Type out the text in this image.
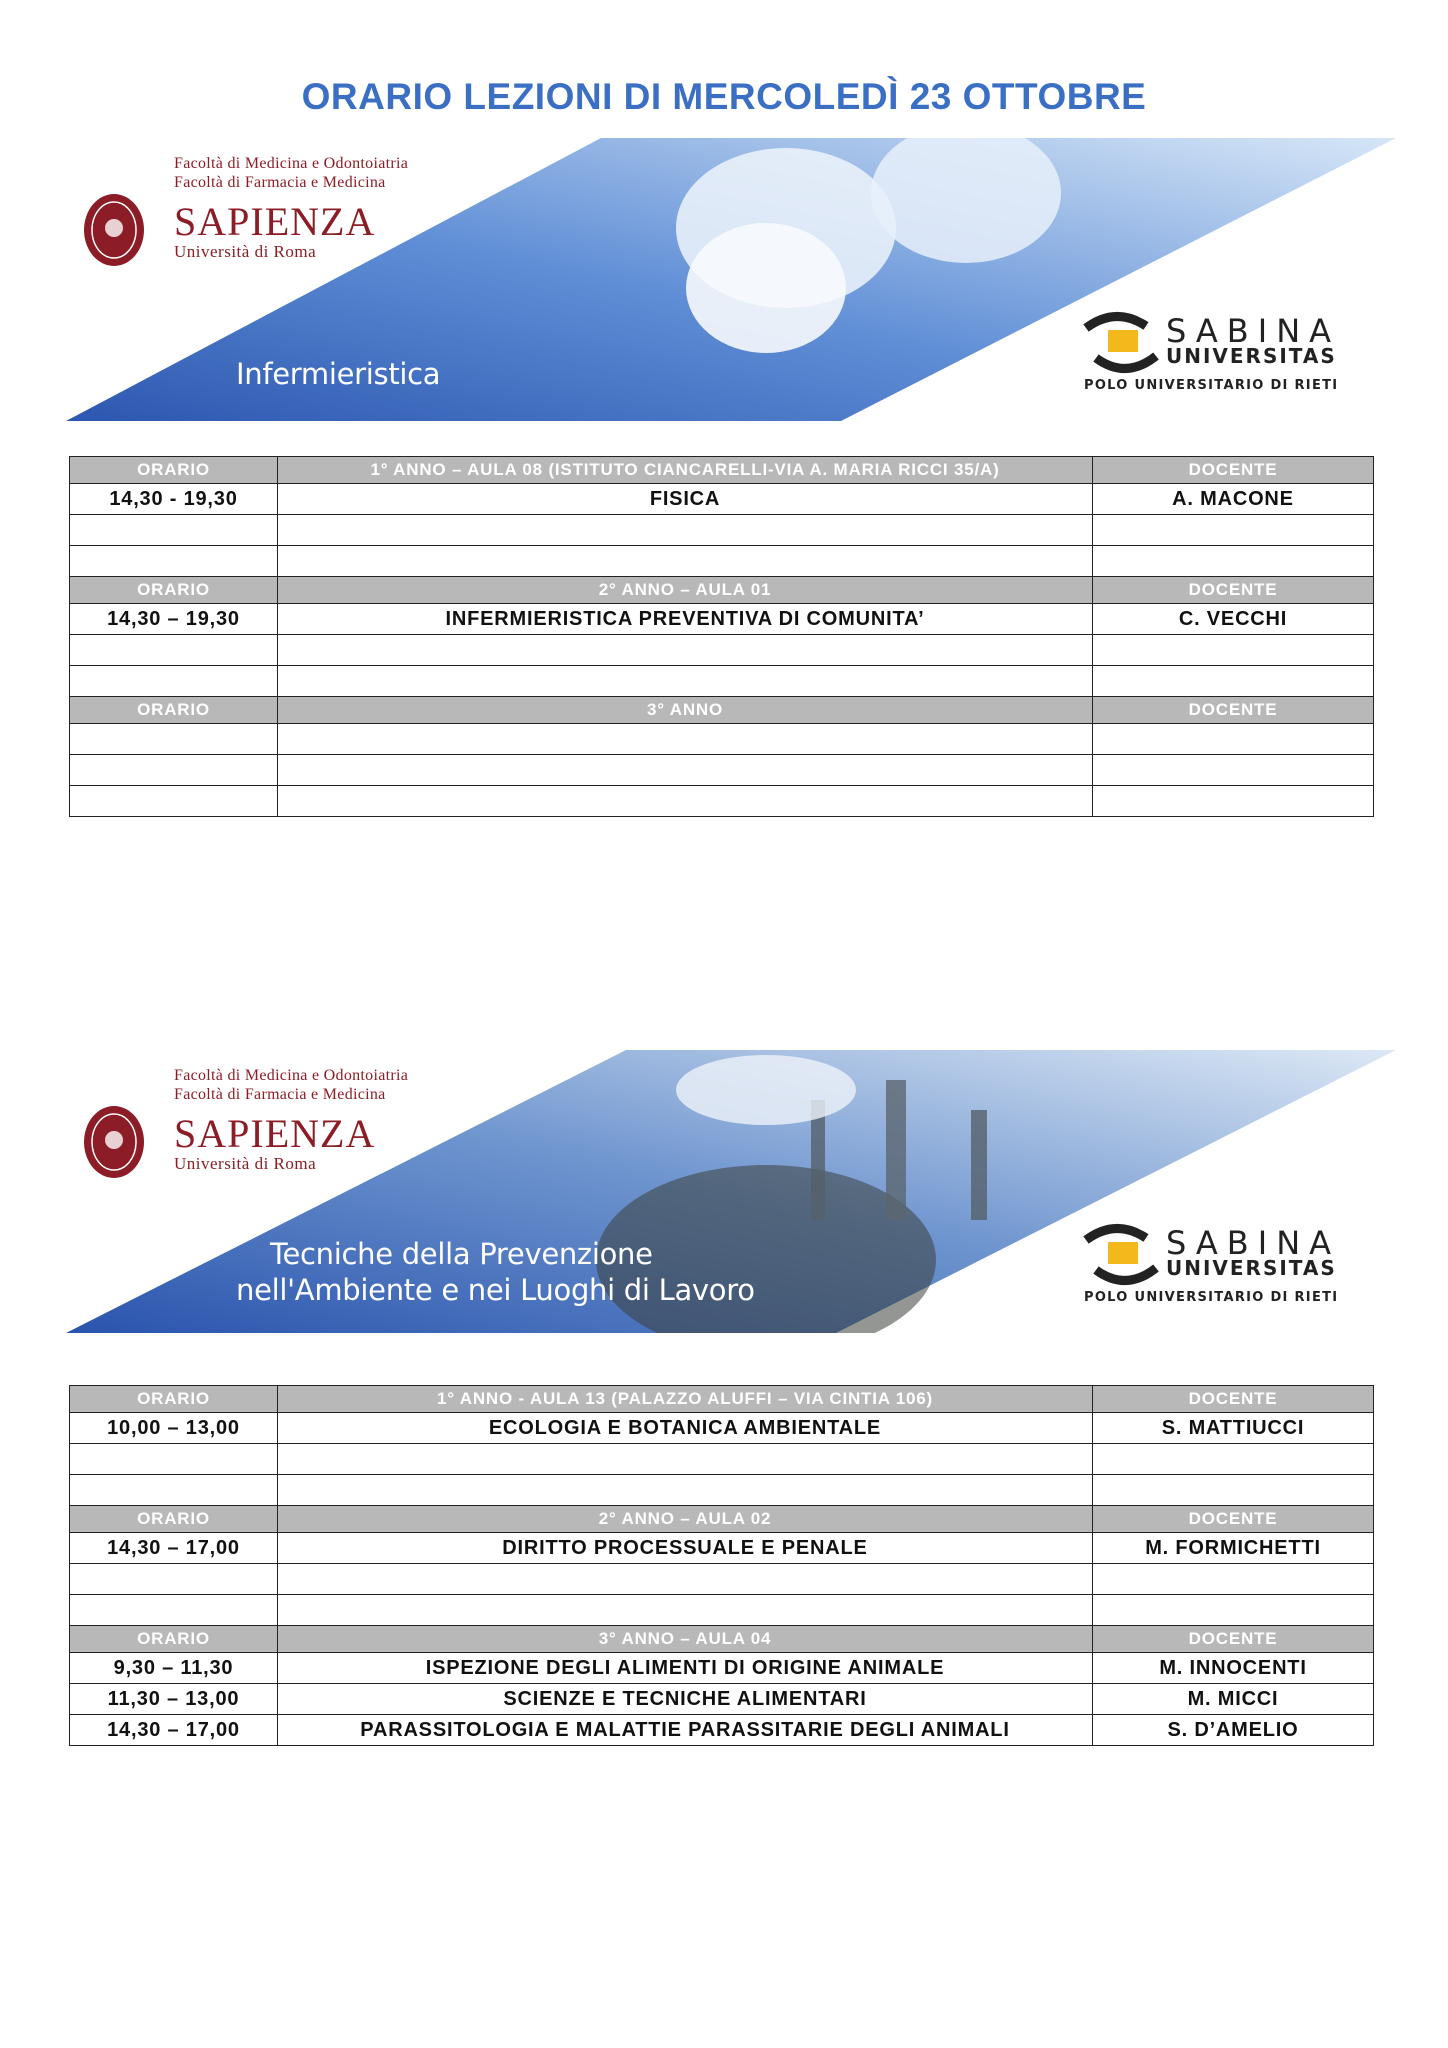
ORARIO LEZIONI DI MERCOLEDÌ 23 OTTOBRE
Facoltà di Medicina e Odontoiatria
Facoltà di Farmacia e Medicina
SAPIENZA
Università di Roma
Infermieristica
SABINA
UNIVERSITAS
POLO UNIVERSITARIO DI RIETI
ORARIO	1° ANNO – AULA 08 (ISTITUTO CIANCARELLI-VIA A. MARIA RICCI 35/A)	DOCENTE
14,30 - 19,30	FISICA	A. MACONE

ORARIO	2° ANNO – AULA 01	DOCENTE
14,30 – 19,30	INFERMIERISTICA PREVENTIVA DI COMUNITA’	C. VECCHI

ORARIO	3° ANNO	DOCENTE

Facoltà di Medicina e Odontoiatria
Facoltà di Farmacia e Medicina
SAPIENZA
Università di Roma
Tecniche della Prevenzione
nell'Ambiente e nei Luoghi di Lavoro
SABINA
UNIVERSITAS
POLO UNIVERSITARIO DI RIETI
ORARIO	1° ANNO - AULA 13 (PALAZZO ALUFFI – VIA CINTIA 106)	DOCENTE
10,00 – 13,00	ECOLOGIA E BOTANICA AMBIENTALE	S. MATTIUCCI

ORARIO	2° ANNO – AULA 02	DOCENTE
14,30 – 17,00	DIRITTO PROCESSUALE E PENALE	M. FORMICHETTI

ORARIO	3° ANNO – AULA 04	DOCENTE
9,30 – 11,30	ISPEZIONE DEGLI ALIMENTI DI ORIGINE ANIMALE	M. INNOCENTI
11,30 – 13,00	SCIENZE E TECNICHE ALIMENTARI	M. MICCI
14,30 – 17,00	PARASSITOLOGIA E MALATTIE PARASSITARIE DEGLI ANIMALI	S. D’AMELIO
